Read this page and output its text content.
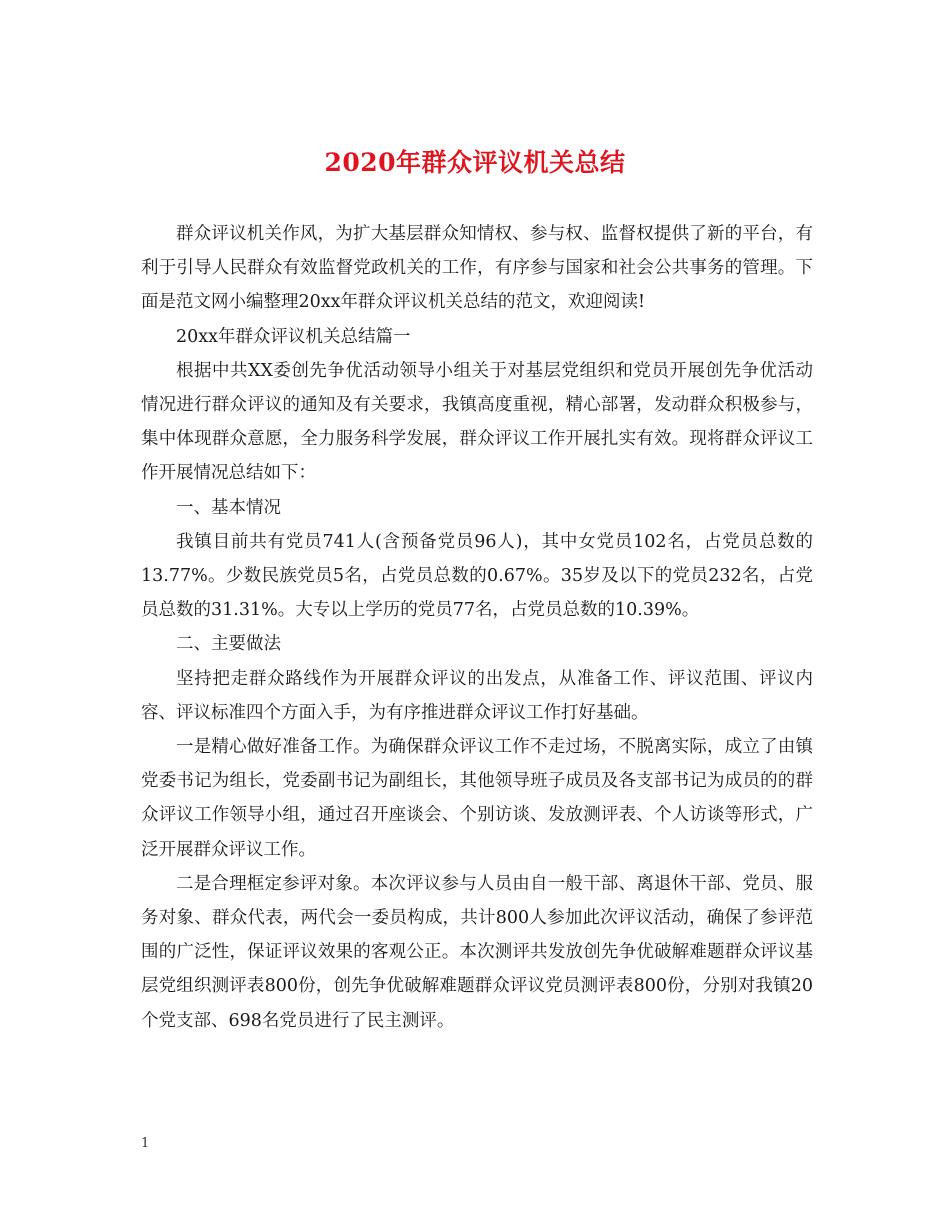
2020年群众评议机关总结

群众评议机关作风，为扩大基层群众知情权、参与权、监督权提供了新的平台，有利于引导人民群众有效监督党政机关的工作，有序参与国家和社会公共事务的管理。下面是范文网小编整理20xx年群众评议机关总结的范文，欢迎阅读!

20xx年群众评议机关总结篇一

根据中共XX委创先争优活动领导小组关于对基层党组织和党员开展创先争优活动情况进行群众评议的通知及有关要求，我镇高度重视，精心部署，发动群众积极参与，集中体现群众意愿，全力服务科学发展，群众评议工作开展扎实有效。现将群众评议工作开展情况总结如下：

一、基本情况

我镇目前共有党员741人(含预备党员96人)，其中女党员102名，占党员总数的13.77%。少数民族党员5名，占党员总数的0.67%。35岁及以下的党员232名，占党员总数的31.31%。大专以上学历的党员77名，占党员总数的10.39%。

二、主要做法

坚持把走群众路线作为开展群众评议的出发点，从准备工作、评议范围、评议内容、评议标准四个方面入手，为有序推进群众评议工作打好基础。

一是精心做好准备工作。为确保群众评议工作不走过场，不脱离实际，成立了由镇党委书记为组长，党委副书记为副组长，其他领导班子成员及各支部书记为成员的的群众评议工作领导小组，通过召开座谈会、个别访谈、发放测评表、个人访谈等形式，广泛开展群众评议工作。

二是合理框定参评对象。本次评议参与人员由自一般干部、离退休干部、党员、服务对象、群众代表，两代会一委员构成，共计800人参加此次评议活动，确保了参评范围的广泛性，保证评议效果的客观公正。本次测评共发放创先争优破解难题群众评议基层党组织测评表800份，创先争优破解难题群众评议党员测评表800份，分别对我镇20个党支部、698名党员进行了民主测评。

1
